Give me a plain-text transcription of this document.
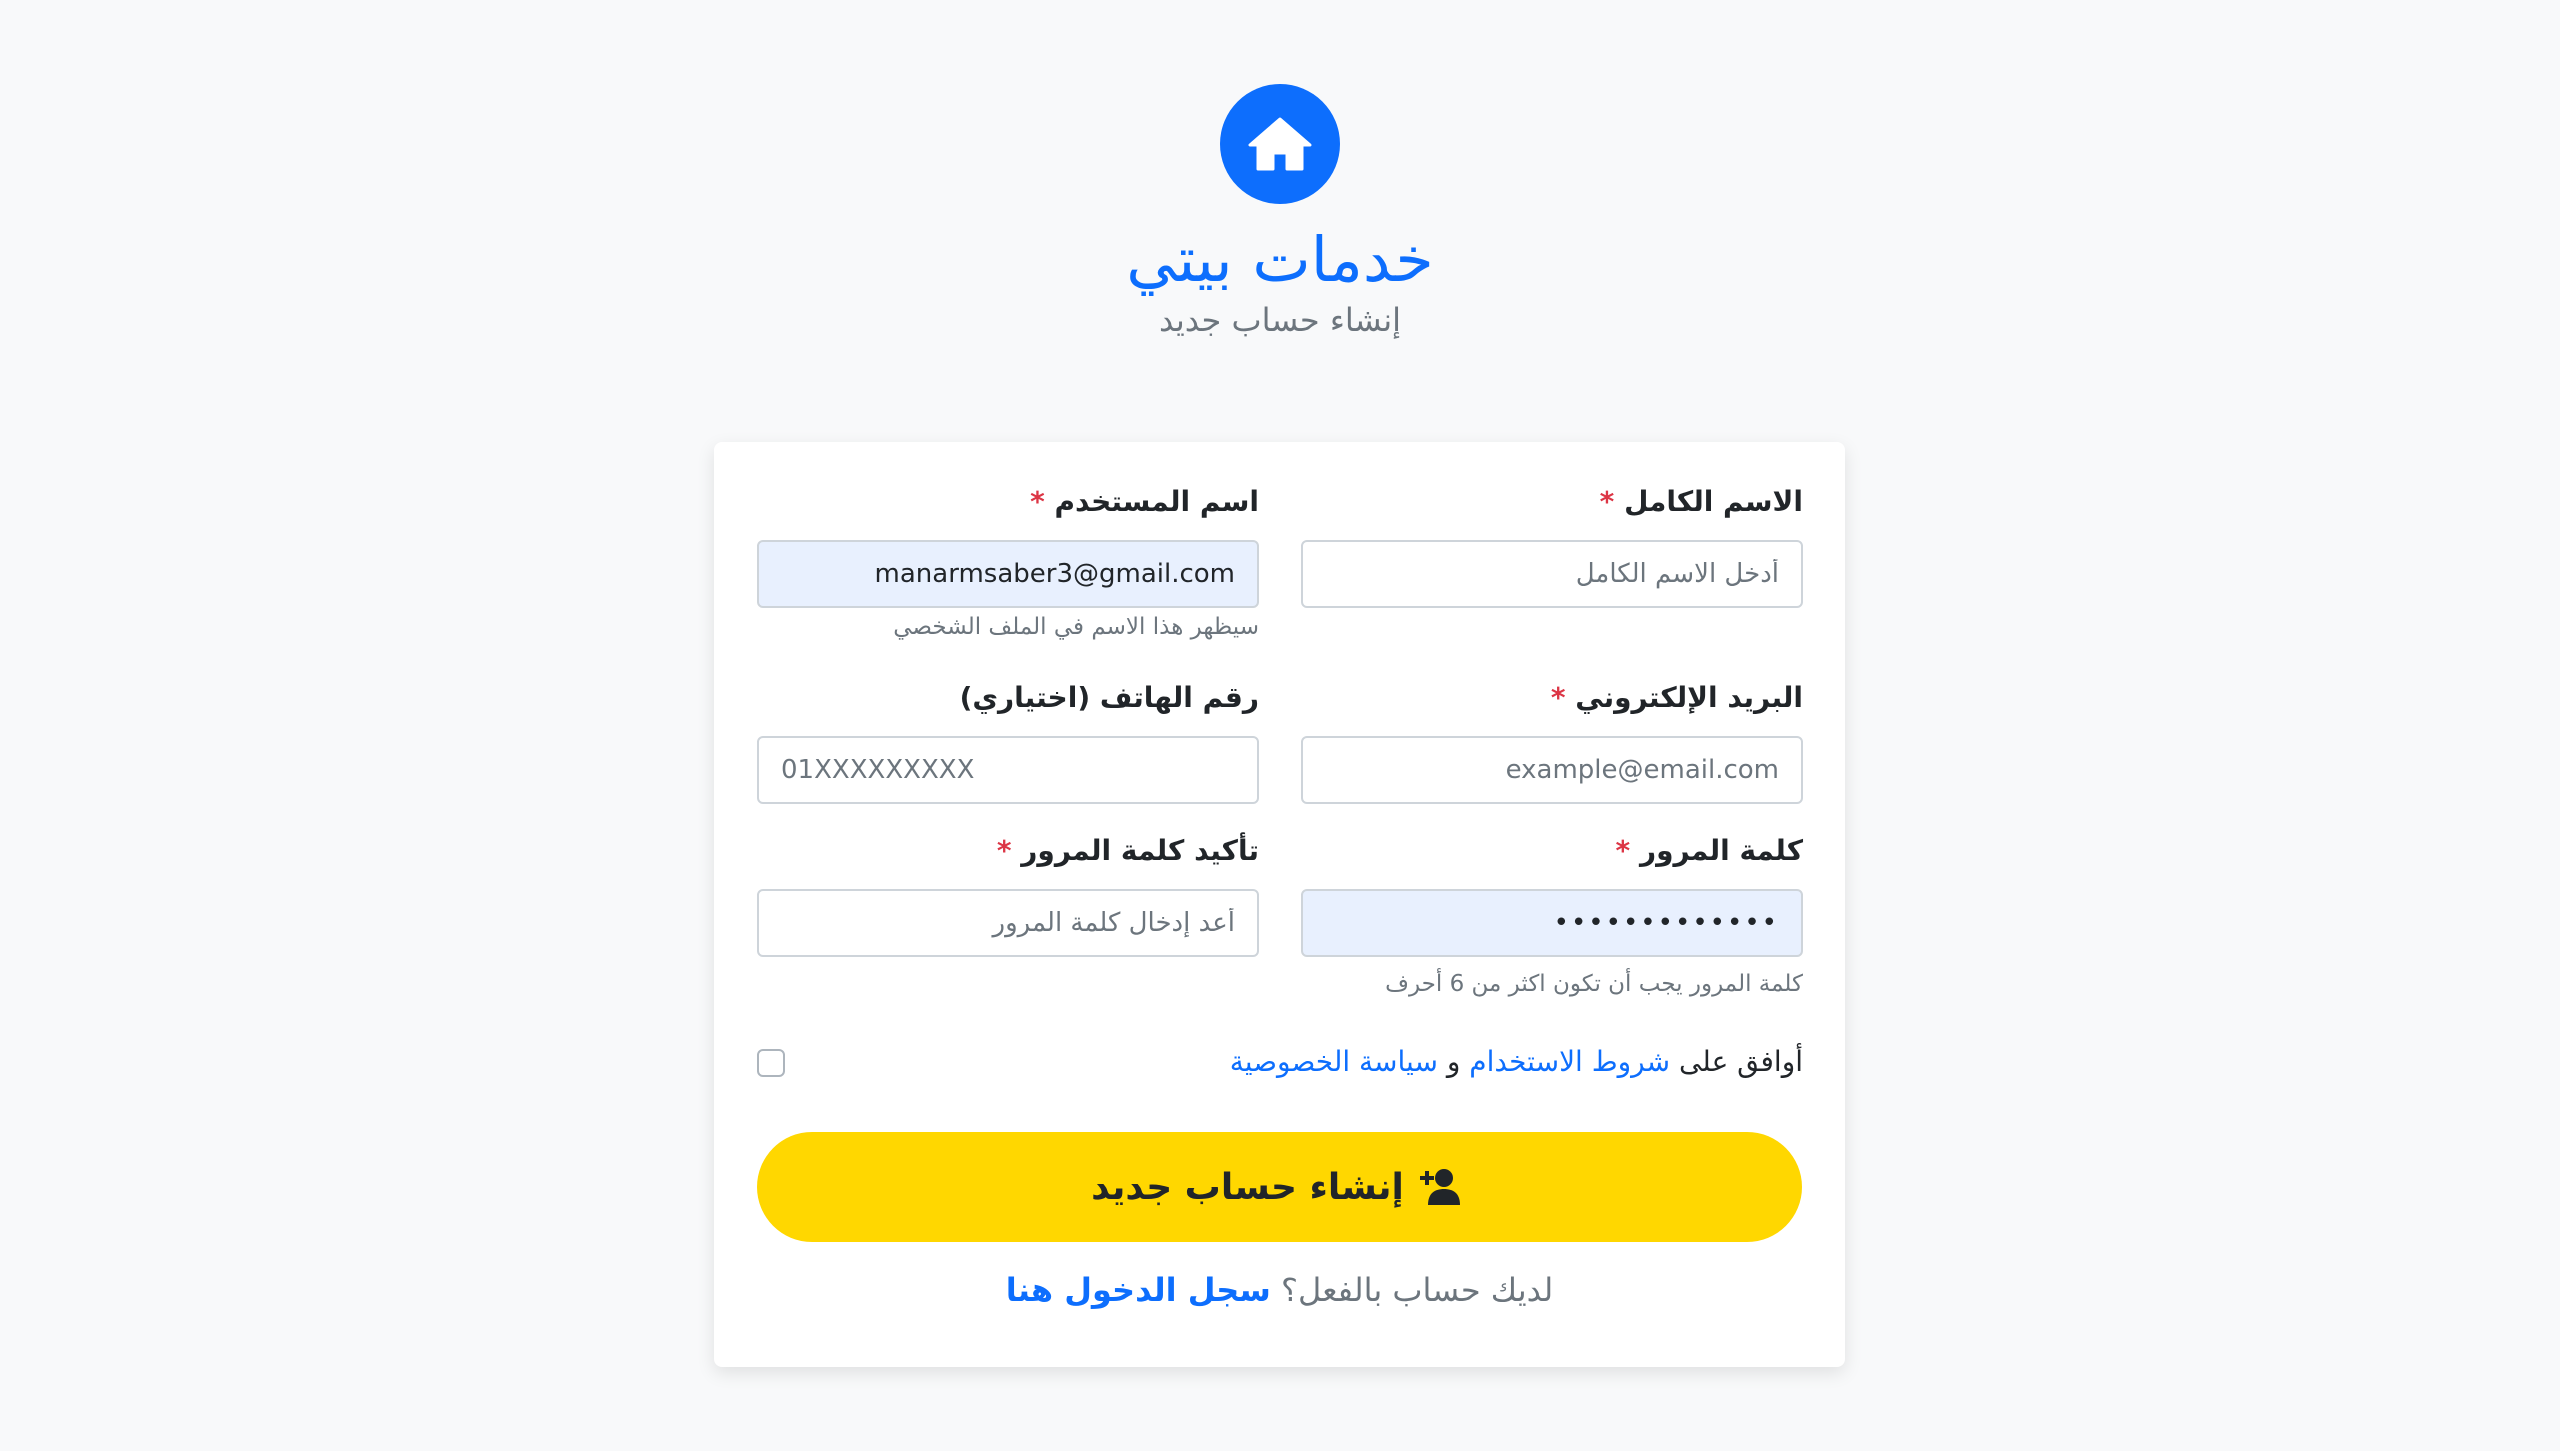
خدمات بيتي
إنشاء حساب جديد
الاسم الكامل *
أدخل الاسم الكامل
اسم المستخدم *
manarmsaber3@gmail.com
سيظهر هذا الاسم في الملف الشخصي
البريد الإلكتروني *
example@email.com
رقم الهاتف (اختياري)
01XXXXXXXXX
كلمة المرور *
•••••••••••••
كلمة المرور يجب أن تكون اكثر من 6 أحرف
تأكيد كلمة المرور *
أوافق على شروط الاستخدام و سياسة الخصوصية
إنشاء حساب جديد
لديك حساب بالفعل؟ سجل الدخول هنا
